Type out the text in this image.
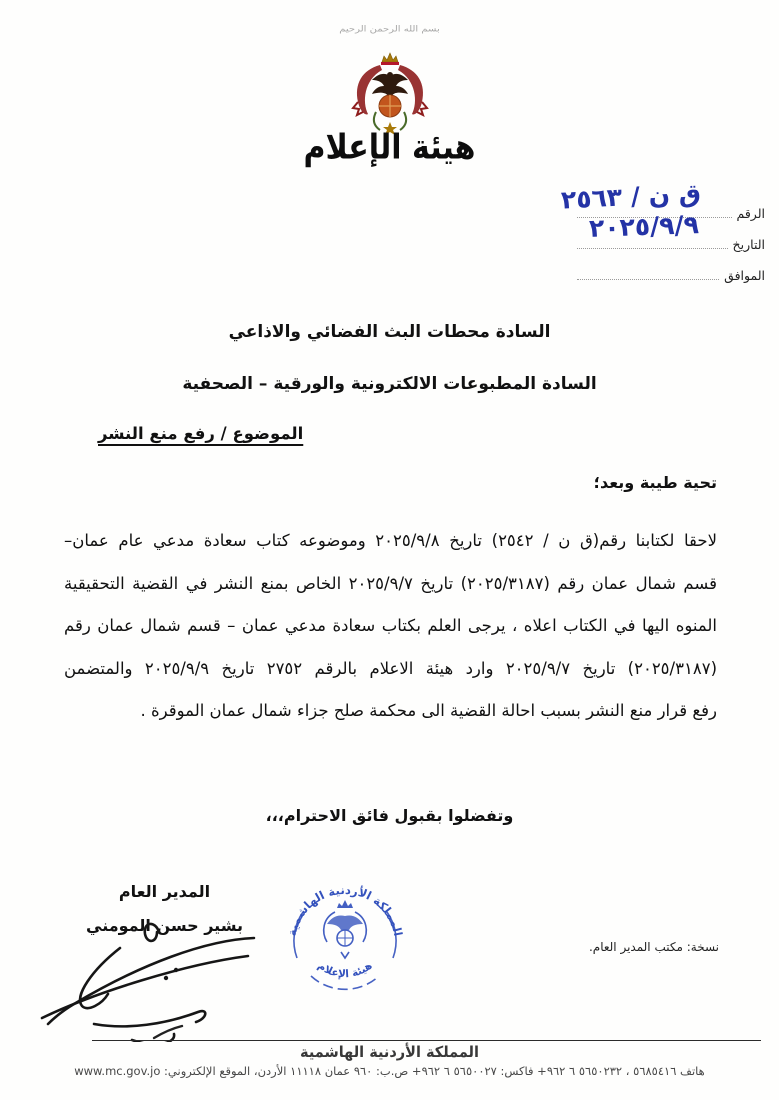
بسم الله الرحمن الرحيم
هيئة الإعلام
الرقم
التاريخ
الموافق
ق ن / ٢٥٦٣
٢٠٢٥/٩/٩
السادة محطات البث الفضائي والاذاعي
السادة المطبوعات الالكترونية والورقية – الصحفية
الموضوع / رفع منع النشر
تحية طيبة وبعد؛
لاحقا لكتابنا رقم(ق ن / ٢٥٤٢) تاريخ ٢٠٢٥/٩/٨ وموضوعه كتاب سعادة مدعي عام عمان–
قسم شمال عمان رقم (٢٠٢٥/٣١٨٧) تاريخ ٢٠٢٥/٩/٧ الخاص بمنع النشر في القضية التحقيقية
المنوه اليها في الكتاب اعلاه ، يرجى العلم بكتاب سعادة مدعي عمان – قسم شمال عمان رقم
(٢٠٢٥/٣١٨٧) تاريخ ٢٠٢٥/٩/٧ وارد هيئة الاعلام بالرقم ٢٧٥٢ تاريخ ٢٠٢٥/٩/٩ والمتضمن
رفع قرار منع النشر بسبب احالة القضية الى محكمة صلح جزاء شمال عمان الموقرة .
وتفضلوا بقبول فائق الاحترام،،،
المدير العام
بشير حسن المومني	المملكة الأردنية الهاشمية
هيئة الإعلام
نسخة: مكتب المدير العام.
المملكة الأردنية الهاشمية
هاتف ٥٦٨٥٤١٦ ، ٥٦٥٠٢٣٢ ٦ ٩٦٢+ فاكس: ٥٦٥٠٠٢٧ ٦ ٩٦٢+ ص.ب: ٩٦٠ عمان ١١١١٨ الأردن، الموقع الإلكتروني: www.mc.gov.jo
